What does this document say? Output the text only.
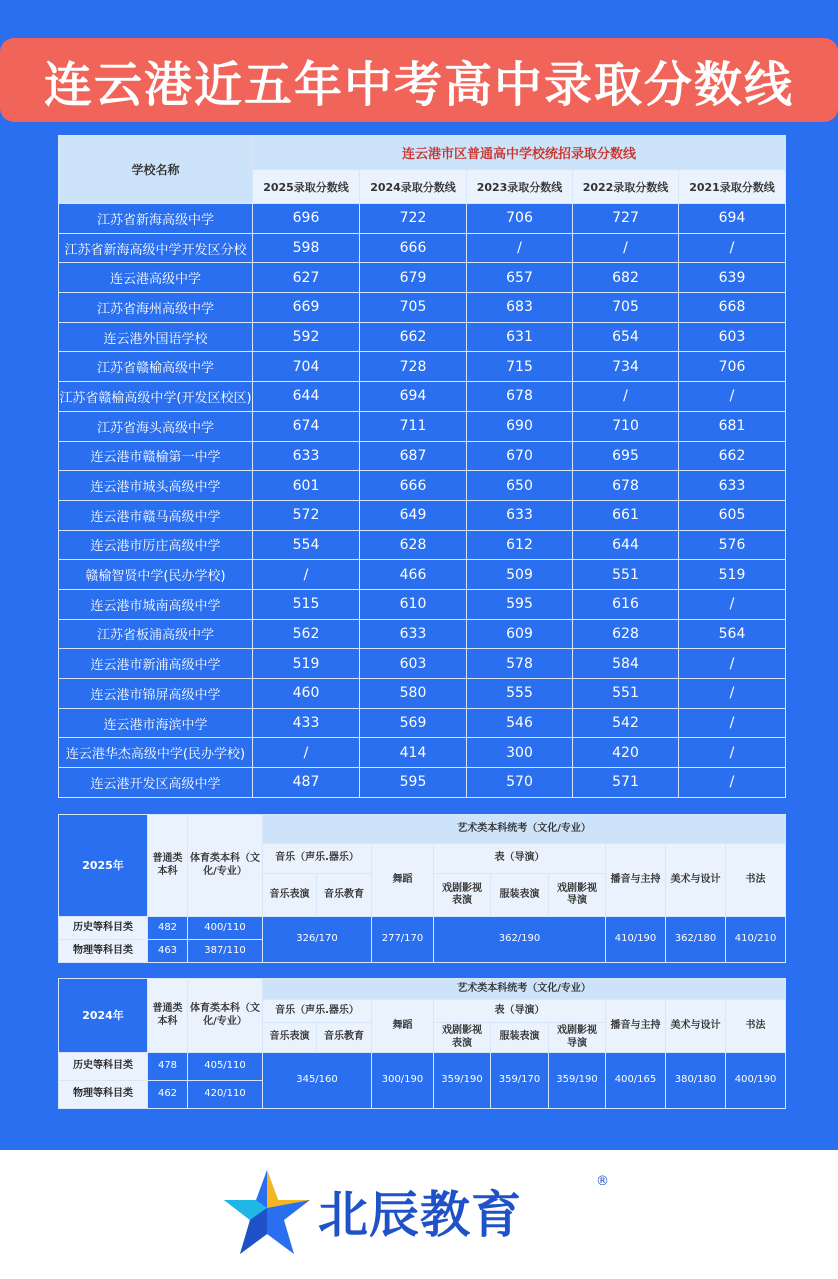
连云港近五年中考高中录取分数线
学校名称	连云港市区普通高中学校统招录取分数线				
	2025录取分数线	2024录取分数线	2023录取分数线	2022录取分数线	2021录取分数线
江苏省新海高级中学	696	722	706	727	694
江苏省新海高级中学开发区分校	598	666	/	/	/
连云港高级中学	627	679	657	682	639
江苏省海州高级中学	669	705	683	705	668
连云港外国语学校	592	662	631	654	603
江苏省赣榆高级中学	704	728	715	734	706
江苏省赣榆高级中学(开发区校区)	644	694	678	/	/
江苏省海头高级中学	674	711	690	710	681
连云港市赣榆第一中学	633	687	670	695	662
连云港市城头高级中学	601	666	650	678	633
连云港市赣马高级中学	572	649	633	661	605
连云港市厉庄高级中学	554	628	612	644	576
赣榆智贤中学(民办学校)	/	466	509	551	519
连云港市城南高级中学	515	610	595	616	/
江苏省板浦高级中学	562	633	609	628	564
连云港市新浦高级中学	519	603	578	584	/
连云港市锦屏高级中学	460	580	555	551	/
连云港市海滨中学	433	569	546	542	/
连云港华杰高级中学(民办学校)	/	414	300	420	/
连云港开发区高级中学	487	595	570	571	/
2025年	普通类本科	体育类本科（文化/专业）	艺术类本科统考（文化/专业）								
			音乐（声乐.器乐）		舞蹈	表（导演）			播音与主持	美术与设计	书法
			音乐表演	音乐教育		戏剧影视表演	服装表演	戏剧影视导演			

历史等科目类	482	400/110	326/170		277/170	362/190			410/190	362/180	410/210
物理等科目类	463	387/110									
2024年	普通类本科	体育类本科（文化/专业）	艺术类本科统考（文化/专业）								
			音乐（声乐.器乐）		舞蹈	表（导演）			播音与主持	美术与设计	书法
			音乐表演	音乐教育		戏剧影视表演	服装表演	戏剧影视导演			

历史等科目类	478	405/110	345/160		300/190	359/190	359/170	359/190	400/165	380/180	400/190
物理等科目类	462	420/110									
北辰教育
®
